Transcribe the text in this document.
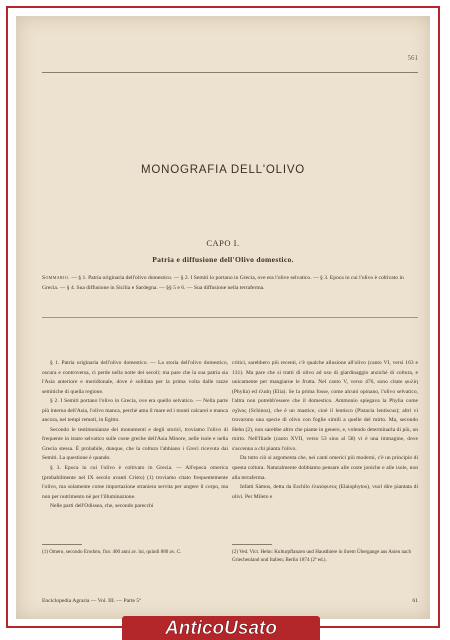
561
MONOGRAFIA DELL'OLIVO
CAPO I.
Patria e diffusione dell'Olivo domestico.

Sommario. — § 1. Patria originaria dell'olivo domestico. — § 2. I Semiti lo portano in Grecia, ove era l'olive selvatico. — § 3. Epoca in cui l'olivo è coltivato in Grecia. — § 4. Sua diffusione in Sicilia e Sardegna. — §§ 5 e 6. — Sua diffusione nella terraferma.

§ 1. Patria originaria dell'olivo domestico. — La storia dell'olivo domestico, oscura e controversa, ci perde nella notte dei secoli; ma pare che la sua patria sia l'Asia anteriore e meridionale, dove è solidata per la prima volta dalle razze semitiche di quella regione.

§ 2. I Semiti portano l'olivo in Grecia, ove era quello selvatico. — Nella parte più interna dell'Asia, l'olivo manca, perchè ama il mare ed i monti calcarei e manca ancora, nei tempi remoti, in Egitto.

Secondo le testimonianze dei monumenti e degli storici, troviamo l'olivo di frequente in istato selvatico sulle coste greche dell'Asia Minore, nelle isole e nella Grecia stessa. È probabile, dunque, che la coltura l'abbiano i Greci ricevuta dai Semiti. La questione è quando.

§ 3. Epoca in cui l'olivo è coltivato in Grecia. — All'epoca omerica (probabilmente nel IX secolo avanti Cristo) (1) troviamo citato frequentemente l'olivo, ma solamente come importazione straniera servita per ungere il corpo, ma non per nutrimento nè per l'illuminazione.

Nelle parti dell'Odissea, che, secondo parecchi

critici, sarebbero più recenti, c'è qualche allusione all'olivo (canto VI, versi 163 e 131). Ma pare che si tratti di olivo ad uso di giardinaggio anzichè di coltura, e unicamente per mangiarne le frutta. Nel canto V, verso 476, sono citate φυλίη (Phylia) ed ἐλαίη (Elia). Se la prima fosse, come alcuni opinano, l'olivo selvatico, l'altra non potrebb'essere che il domestico. Ammonio spiegava la Phylia come σχῖνος (Schinos), che è un mastice, cioè il lentisco (Pistacia lentiscus); altri vi trovarono una specie di olivo con foglie simili a quelle del mirto. Ma, secondo Hehn (2), non sarebbe altro che piante in genere, e, volendo determinarla di più, un mirto. Nell'Iliade (canto XVII, verso 53 sino al 58) vi è una immagine, dove s'accenna a chi pianta l'olivo.

Da tutto ciò si argomenta che, nei canti omerici più moderni, c'è un principio di questa coltura. Naturalmente dobbiamo pensare alle coste joniche e alle isole, non alla terraferma.

Infatti Sàmos, detta da Eschilo ἐλαιόφυτος (Elaiophytos), vuol dire piantata di ulivi. Per Mileto e

(1) Omero, secondo Erodoto, fior. 400 anni av. lui, quindi 880 av. C.	(2) Ved. Vict. Hehn: Kulturpflanzen und Hausthiere in ihrem Übergange aus Asien nach Griechenland und Italien; Berlin 1874 (2ª ed.).

Enciclopedia Agraria — Vol. III. — Parte 5ª	61
AnticoUsato
